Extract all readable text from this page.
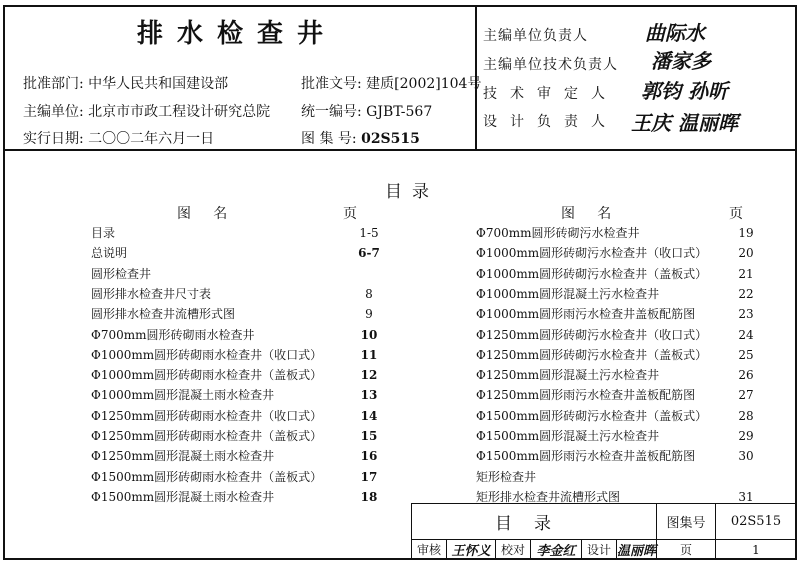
排水检查井
批准部门: 中华人民共和国建设部	批准文号: 建质[2002]104号
主编单位: 北京市市政工程设计研究总院 统一编号: GJBT-567
实行日期: 二〇〇二年六月一日	图 集 号: 02S515
主编单位负责人	曲际水
主编单位技术负责人 潘家多
技术审定人 郭钧 孙昕
设计负责人 王庆 温丽晖
目录
图     名	页	图     名	页
目录	1-5
总说明	6-7
圆形检查井
圆形排水检查井尺寸表	8
圆形排水检查井流槽形式图	9
Φ700mm圆形砖砌雨水检查井	10
Φ1000mm圆形砖砌雨水检查井（收口式）	11
Φ1000mm圆形砖砌雨水检查井（盖板式）	12
Φ1000mm圆形混凝土雨水检查井	13
Φ1250mm圆形砖砌雨水检查井（收口式）	14
Φ1250mm圆形砖砌雨水检查井（盖板式）	15
Φ1250mm圆形混凝土雨水检查井	16
Φ1500mm圆形砖砌雨水检查井（盖板式）	17
Φ1500mm圆形混凝土雨水检查井	18
Φ700mm圆形砖砌污水检查井	19
Φ1000mm圆形砖砌污水检查井（收口式）	20
Φ1000mm圆形砖砌污水检查井（盖板式）	21
Φ1000mm圆形混凝土污水检查井	22
Φ1000mm圆形雨污水检查井盖板配筋图	23
Φ1250mm圆形砖砌污水检查井（收口式）	24
Φ1250mm圆形砖砌污水检查井（盖板式）	25
Φ1250mm圆形混凝土污水检查井	26
Φ1250mm圆形雨污水检查井盖板配筋图	27
Φ1500mm圆形砖砌污水检查井（盖板式）	28
Φ1500mm圆形混凝土污水检查井	29
Φ1500mm圆形雨污水检查井盖板配筋图	30
矩形检查井
矩形排水检查井流槽形式图	31
目录	图集号	02S515
审核 王怀义 校对 李金红 设计 温丽晖	页	1
